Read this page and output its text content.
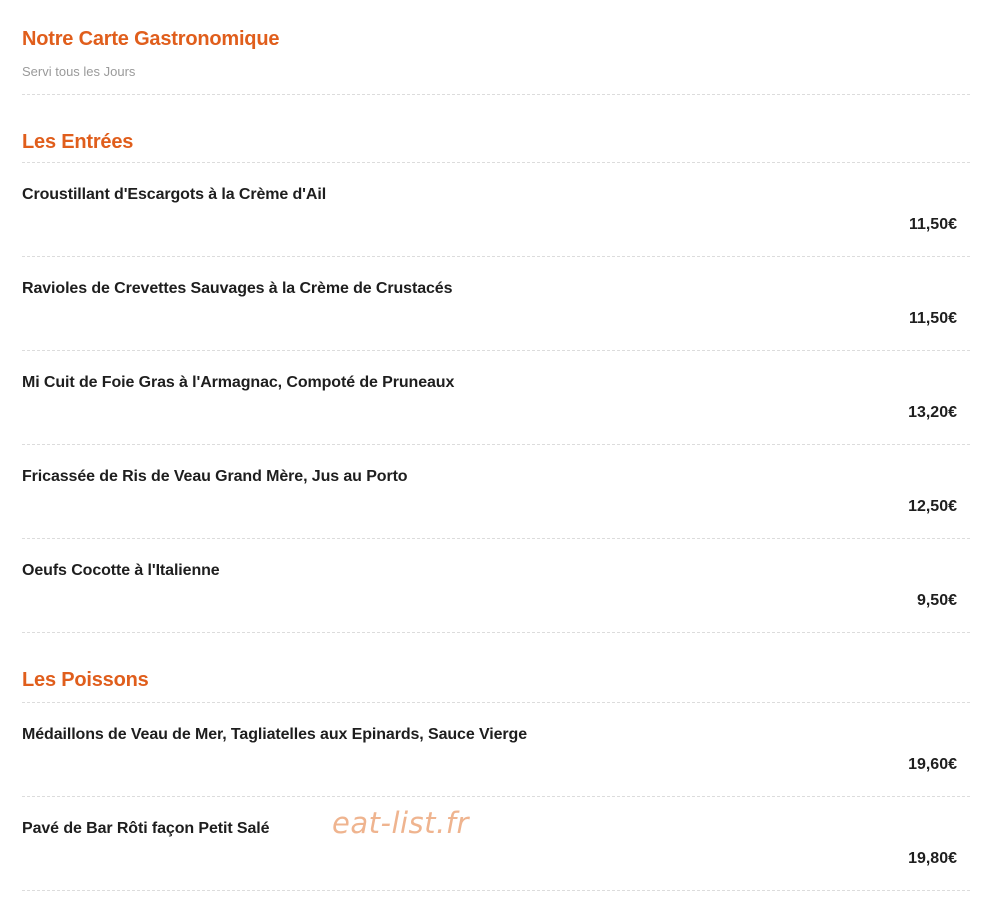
Notre Carte Gastronomique

Servi tous les Jours

Les Entrées
Croustillant d'Escargots à la Crème d'Ail
11,50€
Ravioles de Crevettes Sauvages à la Crème de Crustacés
11,50€
Mi Cuit de Foie Gras à l'Armagnac, Compoté de Pruneaux
13,20€
Fricassée de Ris de Veau Grand Mère, Jus au Porto
12,50€
Oeufs Cocotte à l'Italienne
9,50€
Les Poissons
Médaillons de Veau de Mer, Tagliatelles aux Epinards, Sauce Vierge
19,60€
Pavé de Bar Rôti façon Petit Salé
19,80€
eat-list.fr
